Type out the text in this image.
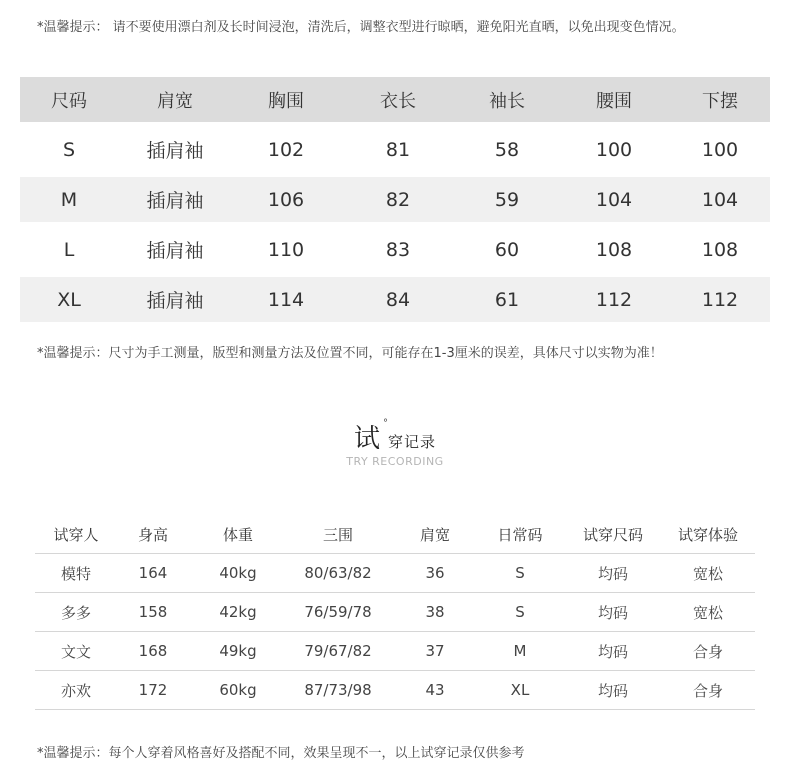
*温馨提示： 请不要使用漂白剂及长时间浸泡，清洗后，调整衣型进行晾晒，避免阳光直晒，以免出现变色情况。
尺码	肩宽	胸围	衣长	袖长	腰围	下摆
S	插肩袖	102	81	58	100	100
M	插肩袖	106	82	59	104	104
L	插肩袖	110	83	60	108	108
XL	插肩袖	114	84	61	112	112
*温馨提示：尺寸为手工测量，版型和测量方法及位置不同，可能存在1-3厘米的误差，具体尺寸以实物为准！
试
°
穿记录
TRY RECORDING
试穿人	身高	体重	三围	肩宽	日常码	试穿尺码	试穿体验
模特	164	40kg	80/63/82	36	S	均码	宽松
多多	158	42kg	76/59/78	38	S	均码	宽松
文文	168	49kg	79/67/82	37	M	均码	合身
亦欢	172	60kg	87/73/98	43	XL	均码	合身
*温馨提示：每个人穿着风格喜好及搭配不同，效果呈现不一，以上试穿记录仅供参考
